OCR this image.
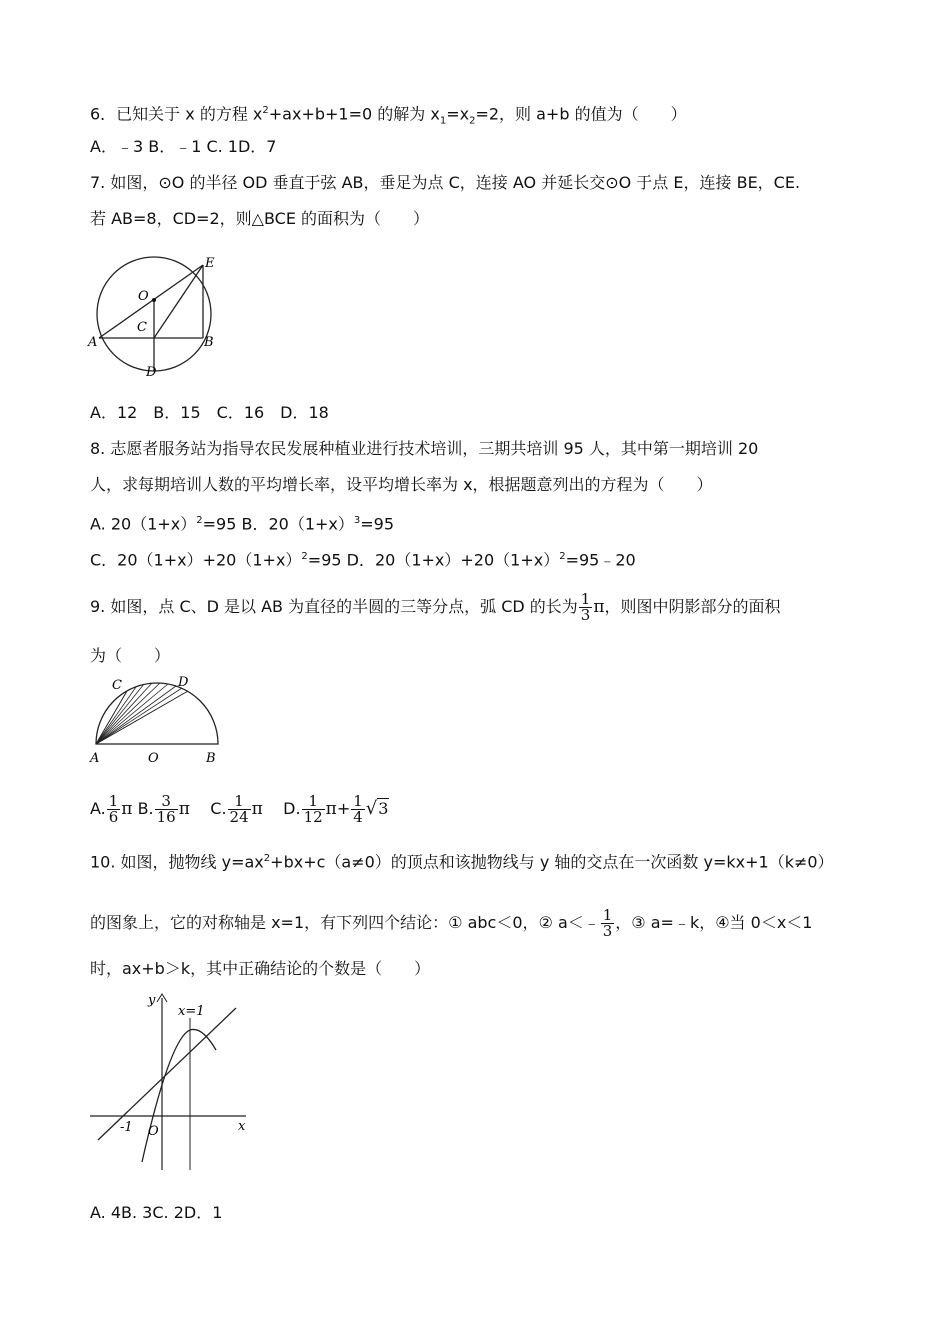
6．已知关于 x 的方程 $x^2+ax+b+1=0$ 的解为 $x_1=x_2=2$，则 a+b 的值为（　　）
A．﹣3 B．﹣1 C. 1D．7
7. 如图，⊙O 的半径 OD 垂直于弦 AB，垂足为点 C，连接 AO 并延长交⊙O 于点 E，连接 BE，CE.
若 AB=8，CD=2，则△BCE 的面积为（　　）
O
C
A	B
D
E
A．12　B．15　C．16　D．18
8. 志愿者服务站为指导农民发展种植业进行技术培训，三期共培训 95 人，其中第一期培训 20
人，求每期培训人数的平均增长率，设平均增长率为 x，根据题意列出的方程为（　　）
A. $20(1+x)^2=95$ B．$20(1+x)^3=95$
C．$20(1+x)+20(1+x)^2=95$ D．$20(1+x)+20(1+x)^2=95﹣20$
9. 如图，点 C、D 是以 AB 为直径的半圆的三等分点，弧 CD 的长为 $\frac{1}{3}$ π，则图中阴影部分的面积
为（　　）
C	D
A	O	B
A. $\frac{1}{6}$ π B. $\frac{3}{16}$ π C. $\frac{1}{24}$ π D. $\frac{1}{12} \pi+ \frac{1}{4} √3$
10. 如图，抛物线 $y=ax^2+bx+c(a\ne 0)$的顶点和该抛物线与 y 轴的交点在一次函数 y=kx+1（k≠0）
的图象上，它的对称轴是 x=1，有下列四个结论：① abc＜0，② a＜﹣ $\frac{1}{3}$ ，③ a=﹣k，④当 0＜x＜1
时，ax+b＞k，其中正确结论的个数是（　　）
y
x
x=1
-1 O
A. 4B. 3C. 2D．1
